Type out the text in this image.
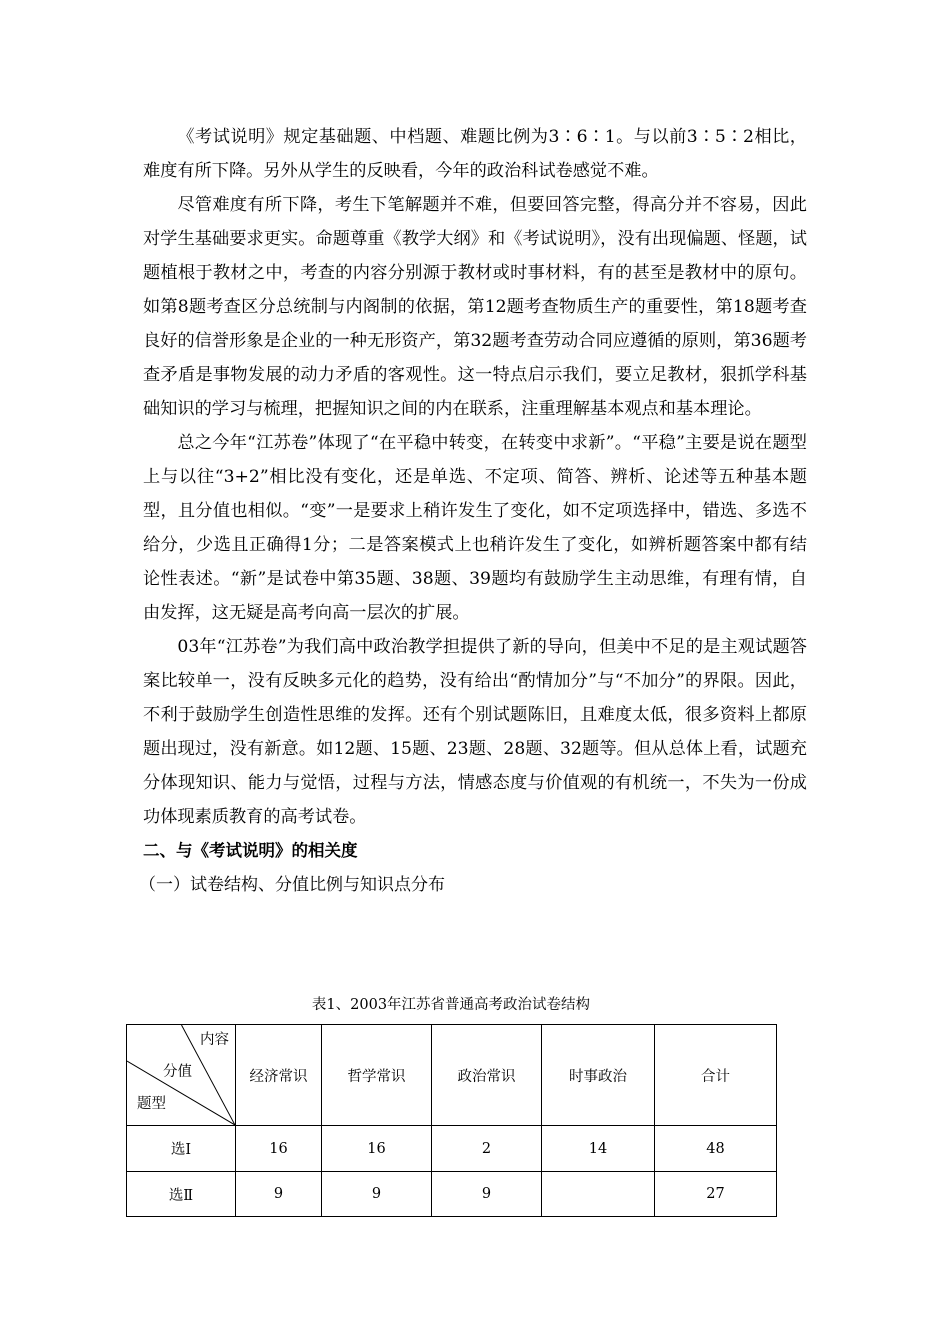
《考试说明》规定基础题、中档题、难题比例为3∶6∶1。与以前3∶5∶2相比，难度有所下降。另外从学生的反映看，今年的政治科试卷感觉不难。

尽管难度有所下降，考生下笔解题并不难，但要回答完整，得高分并不容易，因此对学生基础要求更实。命题尊重《教学大纲》和《考试说明》，没有出现偏题、怪题，试题植根于教材之中，考查的内容分别源于教材或时事材料，有的甚至是教材中的原句。如第8题考查区分总统制与内阁制的依据，第12题考查物质生产的重要性，第18题考查良好的信誉形象是企业的一种无形资产，第32题考查劳动合同应遵循的原则，第36题考查矛盾是事物发展的动力矛盾的客观性。这一特点启示我们，要立足教材，狠抓学科基础知识的学习与梳理，把握知识之间的内在联系，注重理解基本观点和基本理论。

总之今年“江苏卷”体现了“在平稳中转变，在转变中求新”。“平稳”主要是说在题型上与以往“3+2”相比没有变化，还是单选、不定项、简答、辨析、论述等五种基本题型，且分值也相似。“变”一是要求上稍许发生了变化，如不定项选择中，错选、多选不给分，少选且正确得1分；二是答案模式上也稍许发生了变化，如辨析题答案中都有结论性表述。“新”是试卷中第35题、38题、39题均有鼓励学生主动思维，有理有情，自由发挥，这无疑是高考向高一层次的扩展。

03年“江苏卷”为我们高中政治教学担提供了新的导向，但美中不足的是主观试题答案比较单一，没有反映多元化的趋势，没有给出“酌情加分”与“不加分”的界限。因此，不利于鼓励学生创造性思维的发挥。还有个别试题陈旧，且难度太低，很多资料上都原题出现过，没有新意。如12题、15题、23题、28题、32题等。但从总体上看，试题充分体现知识、能力与觉悟，过程与方法，情感态度与价值观的有机统一，不失为一份成功体现素质教育的高考试卷。

二、与《考试说明》的相关度
（一）试卷结构、分值比例与知识点分布
表1、2003年江苏省普通高考政治试卷结构
内容
分值
题型	经济常识	哲学常识	政治常识	时事政治	合计
选Ⅰ	16	16	2	14	48
选Ⅱ	9	9	9		27
